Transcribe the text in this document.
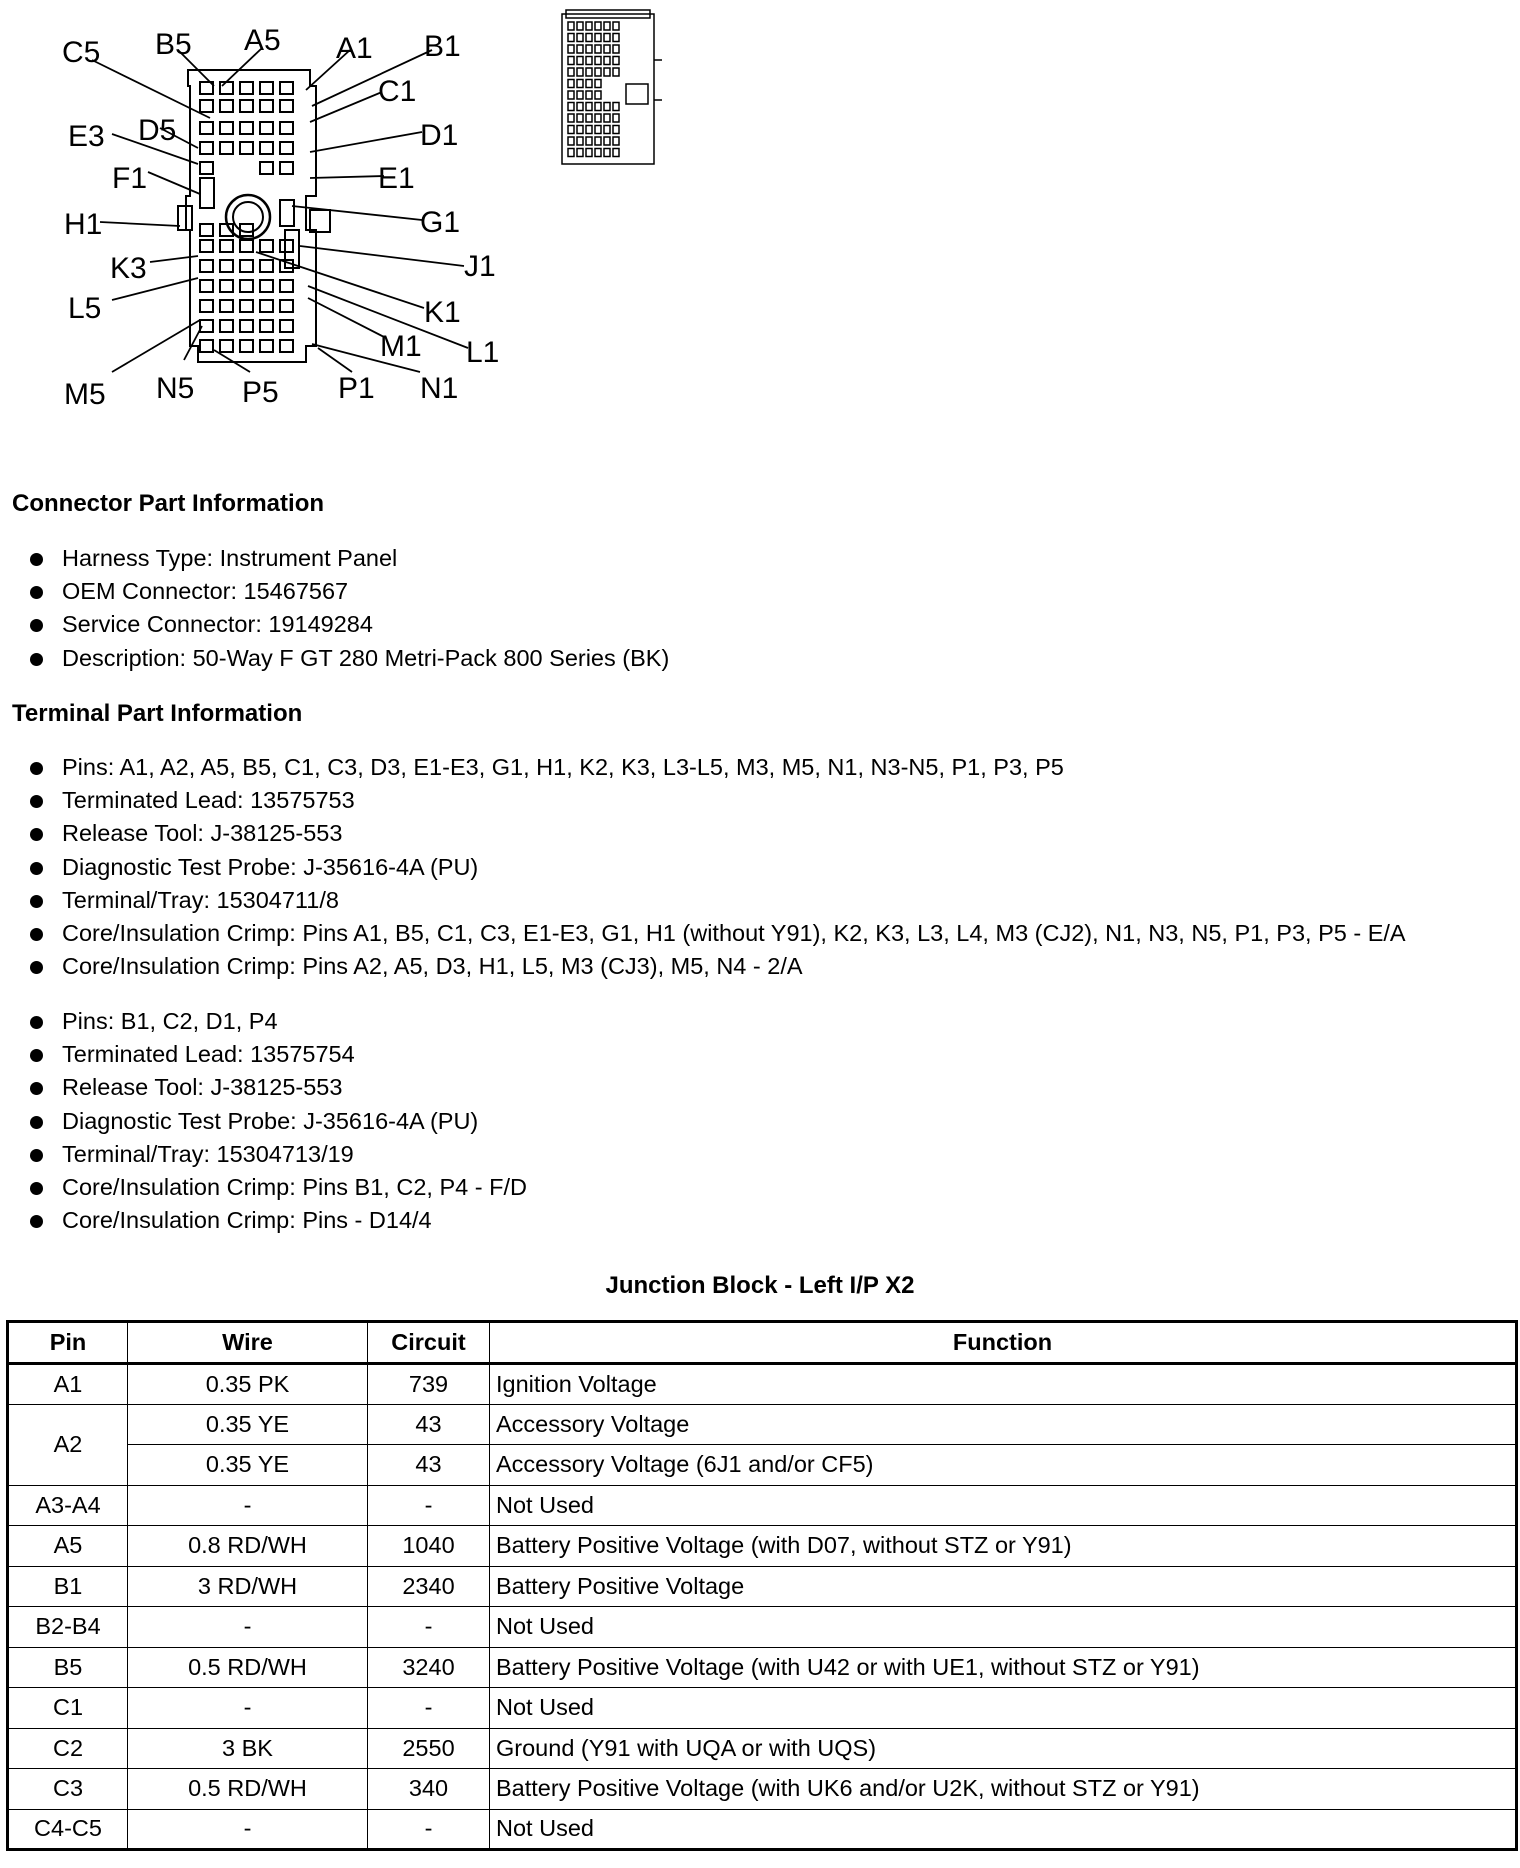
C5 B5 A5 A1 B1
C1
E3 D5	D1
F1	E1
H1	G1
K3	J1
K1
L5
L1
M1
M5 N5 P5 P1 N1
Connector Part Information
Harness Type: Instrument Panel
OEM Connector: 15467567
Service Connector: 19149284
Description: 50-Way F GT 280 Metri-Pack 800 Series (BK)
Terminal Part Information
Pins: A1, A2, A5, B5, C1, C3, D3, E1-E3, G1, H1, K2, K3, L3-L5, M3, M5, N1, N3-N5, P1, P3, P5
Terminated Lead: 13575753
Release Tool: J-38125-553
Diagnostic Test Probe: J-35616-4A (PU)
Terminal/Tray: 15304711/8
Core/Insulation Crimp: Pins A1, B5, C1, C3, E1-E3, G1, H1 (without Y91), K2, K3, L3, L4, M3 (CJ2), N1, N3, N5, P1, P3, P5 - E/A
Core/Insulation Crimp: Pins A2, A5, D3, H1, L5, M3 (CJ3), M5, N4 - 2/A
Pins: B1, C2, D1, P4
Terminated Lead: 13575754
Release Tool: J-38125-553
Diagnostic Test Probe: J-35616-4A (PU)
Terminal/Tray: 15304713/19
Core/Insulation Crimp: Pins B1, C2, P4 - F/D
Core/Insulation Crimp: Pins - D14/4
Junction Block - Left I/P X2
Pin	Wire	Circuit	Function
A1	0.35 PK	739	Ignition Voltage
A2	0.35 YE	43	Accessory Voltage
	0.35 YE	43	Accessory Voltage (6J1 and/or CF5)
A3-A4	-	-	Not Used
A5	0.8 RD/WH	1040	Battery Positive Voltage (with D07, without STZ or Y91)
B1	3 RD/WH	2340	Battery Positive Voltage
B2-B4	-	-	Not Used
B5	0.5 RD/WH	3240	Battery Positive Voltage (with U42 or with UE1, without STZ or Y91)
C1	-	-	Not Used
C2	3 BK	2550	Ground (Y91 with UQA or with UQS)
C3	0.5 RD/WH	340	Battery Positive Voltage (with UK6 and/or U2K, without STZ or Y91)
C4-C5	-	-	Not Used
